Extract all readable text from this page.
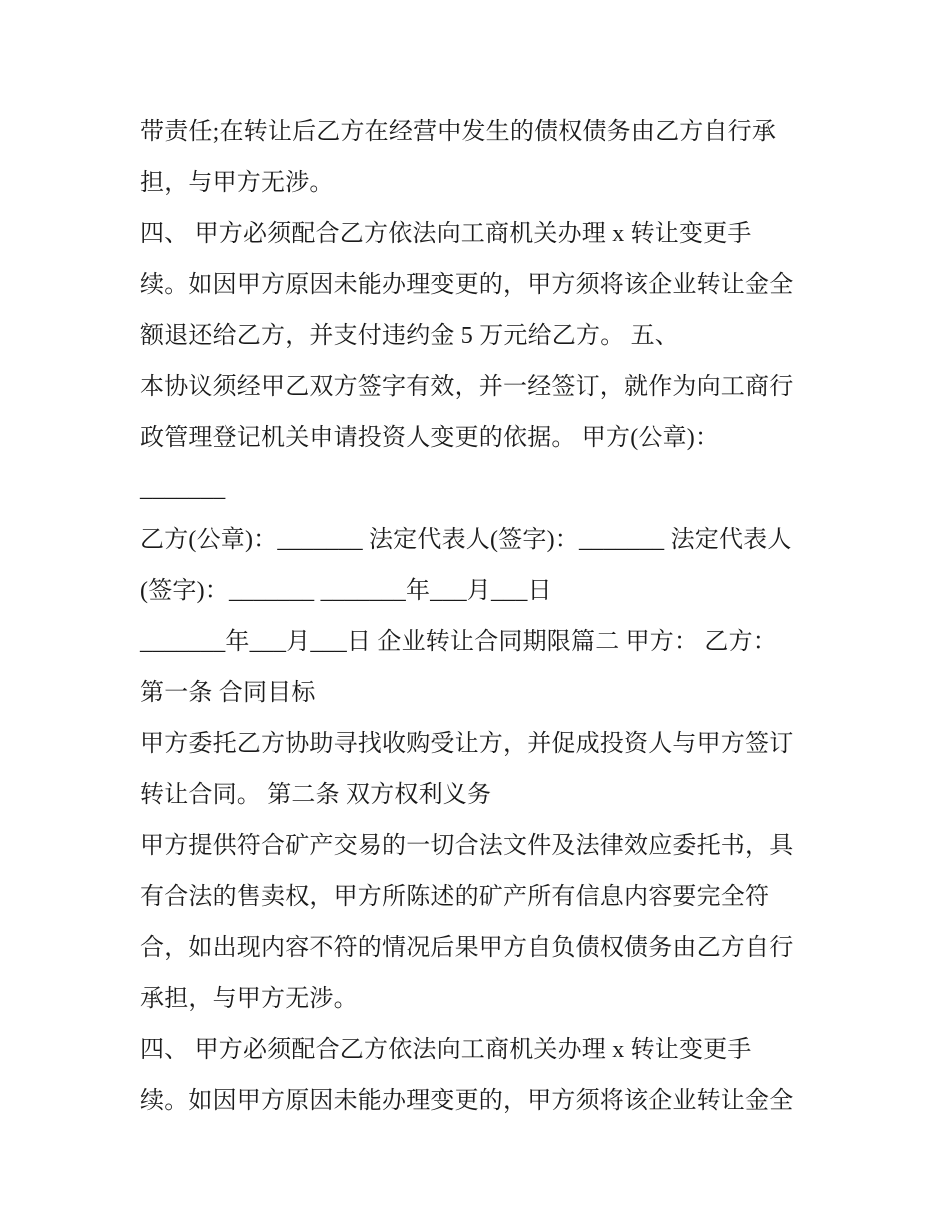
带责任;在转让后乙方在经营中发生的债权债务由乙方自行承
担，与甲方无涉。
四、 甲方必须配合乙方依法向工商机关办理 x 转让变更手
续。如因甲方原因未能办理变更的，甲方须将该企业转让金全
额退还给乙方，并支付违约金 5 万元给乙方。 五、
本协议须经甲乙双方签字有效，并一经签订，就作为向工商行
政管理登记机关申请投资人变更的依据。 甲方(公章)：
_______
乙方(公章)：_______ 法定代表人(签字)：_______ 法定代表人
(签字)：_______ _______年___月___日
_______年___月___日 企业转让合同期限篇二 甲方： 乙方：
第一条 合同目标
甲方委托乙方协助寻找收购受让方，并促成投资人与甲方签订
转让合同。 第二条 双方权利义务
甲方提供符合矿产交易的一切合法文件及法律效应委托书，具
有合法的售卖权，甲方所陈述的矿产所有信息内容要完全符
合，如出现内容不符的情况后果甲方自负债权债务由乙方自行
承担，与甲方无涉。
四、 甲方必须配合乙方依法向工商机关办理 x 转让变更手
续。如因甲方原因未能办理变更的，甲方须将该企业转让金全
